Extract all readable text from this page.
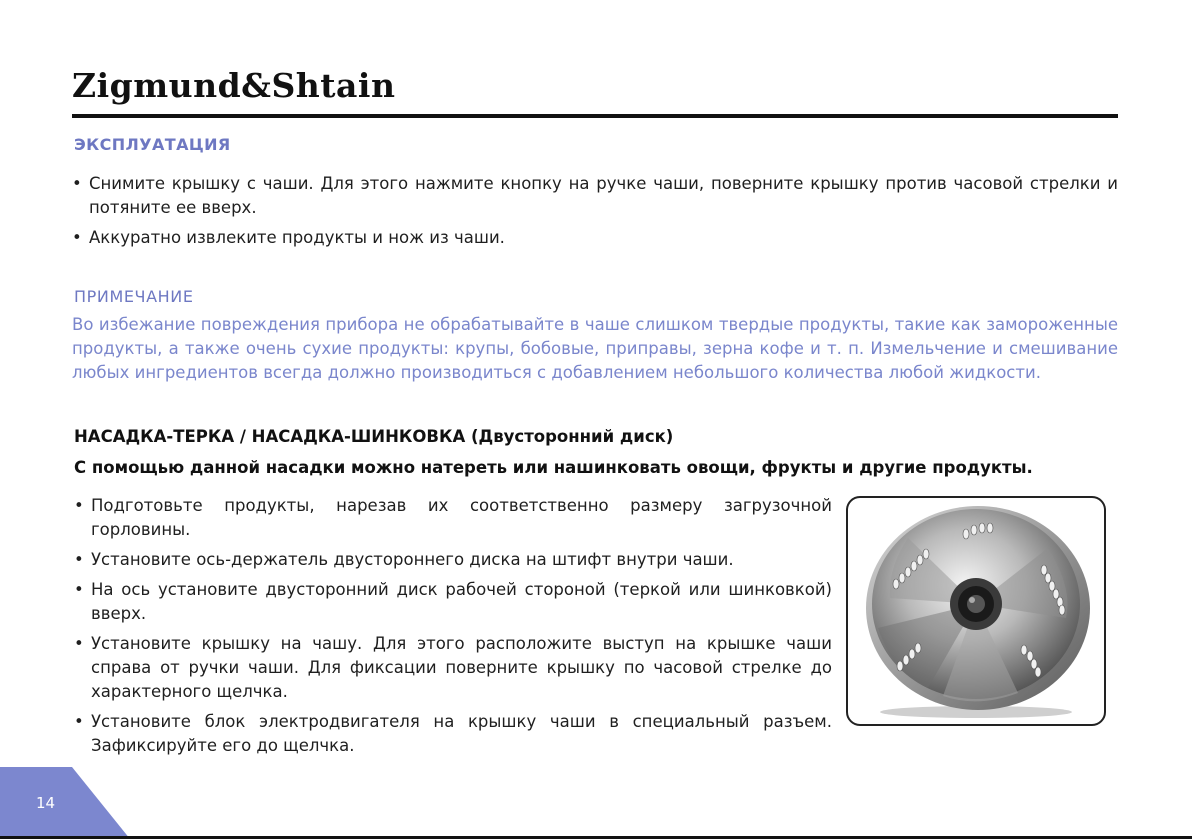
Zigmund&Shtain
ЭКСПЛУАТАЦИЯ
• Снимите крышку с чаши. Для этого нажмите кнопку на ручке чаши, поверните крышку против часовой стрелки и потяните ее вверх.
• Аккуратно извлеките продукты и нож из чаши.
ПРИМЕЧАНИЕ
Во избежание повреждения прибора не обрабатывайте в чаше слишком твердые продукты, такие как замороженные продукты, а также очень сухие продукты: крупы, бобовые, приправы, зерна кофе и т. п. Измельчение и смешивание любых ингредиентов всегда должно производиться с добавлением небольшого количества любой жидкости.
НАСАДКА-ТЕРКА / НАСАДКА-ШИНКОВКА (Двусторонний диск)
С помощью данной насадки можно натереть или нашинковать овощи, фрукты и другие продукты.
• Подготовьте продукты, нарезав их соответственно размеру загрузочной горловины.
• Установите ось-держатель двустороннего диска на штифт внутри чаши.
• На ось установите двусторонний диск рабочей стороной (теркой или шинковкой) вверх.
• Установите крышку на чашу. Для этого расположите выступ на крышке чаши справа от ручки чаши. Для фиксации поверните крышку по часовой стрелке до характерного щелчка.
• Установите блок электродвигателя на крышку чаши в специальный разъем. Зафиксируйте его до щелчка.
14
